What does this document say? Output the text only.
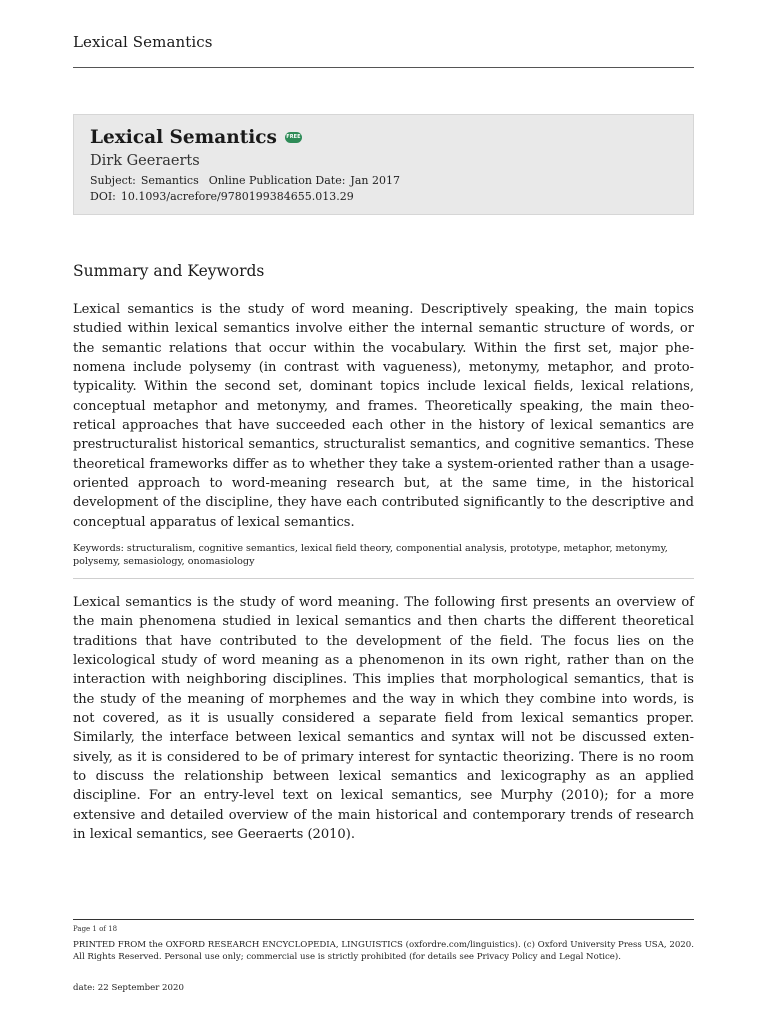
Lexical Semantics
Lexical Semantics FREE
Dirk Geeraerts
Subject: Semantics Online Publication Date: Jan 2017
DOI: 10.1093/acrefore/9780199384655.013.29
Summary and Keywords

Lexical semantics is the study of word meaning. Descriptively speaking, the main topics studied within lexical semantics involve either the internal semantic structure of words, or the semantic relations that occur within the vocabulary. Within the first set, major phenomena include polysemy (in contrast with vagueness), metonymy, metaphor, and prototypicality. Within the second set, dominant topics include lexical fields, lexical relations, conceptual metaphor and metonymy, and frames. Theoretically speaking, the main theoretical approaches that have succeeded each other in the history of lexical semantics are prestructuralist historical semantics, structuralist semantics, and cognitive semantics. These theoretical frameworks differ as to whether they take a system-oriented rather than a usage-oriented approach to word-meaning research but, at the same time, in the historical development of the discipline, they have each contributed significantly to the descriptive and conceptual apparatus of lexical semantics.

Keywords: structuralism, cognitive semantics, lexical field theory, componential analysis, prototype, metaphor, metonymy, polysemy, semasiology, onomasiology

Lexical semantics is the study of word meaning. The following first presents an overview of the main phenomena studied in lexical semantics and then charts the different theoretical traditions that have contributed to the development of the field. The focus lies on the lexicological study of word meaning as a phenomenon in its own right, rather than on the interaction with neighboring disciplines. This implies that morphological semantics, that is the study of the meaning of morphemes and the way in which they combine into words, is not covered, as it is usually considered a separate field from lexical semantics proper. Similarly, the interface between lexical semantics and syntax will not be discussed extensively, as it is considered to be of primary interest for syntactic theorizing. There is no room to discuss the relationship between lexical semantics and lexicography as an applied discipline. For an entry-level text on lexical semantics, see Murphy (2010); for a more extensive and detailed overview of the main historical and contemporary trends of research in lexical semantics, see Geeraerts (2010).

Page 1 of 18
PRINTED FROM the OXFORD RESEARCH ENCYCLOPEDIA, LINGUISTICS (oxfordre.com/linguistics). (c) Oxford University Press USA, 2020. All Rights Reserved. Personal use only; commercial use is strictly prohibited (for details see Privacy Policy and Legal Notice).
date: 22 September 2020
